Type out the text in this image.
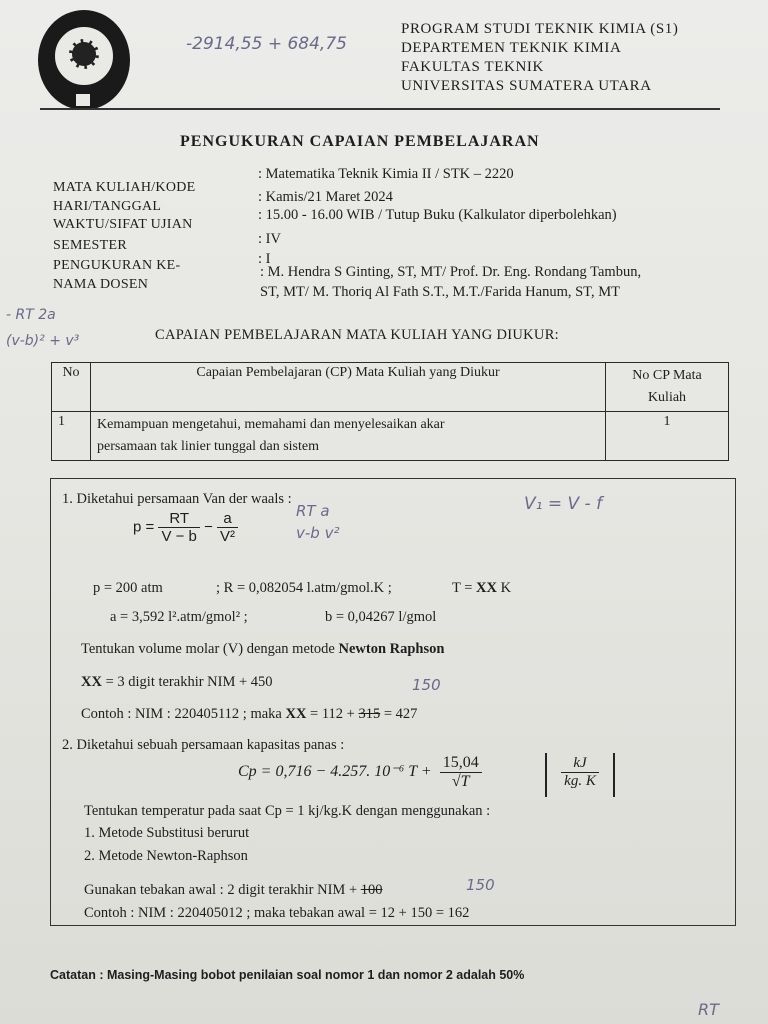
-2914,55 + 684,75
PROGRAM STUDI TEKNIK KIMIA (S1)
DEPARTEMEN TEKNIK KIMIA
FAKULTAS TEKNIK
UNIVERSITAS SUMATERA UTARA
PENGUKURAN CAPAIAN PEMBELAJARAN
MATA KULIAH/KODE
: Matematika Teknik Kimia II / STK – 2220
HARI/TANGGAL
: Kamis/21 Maret 2024
WAKTU/SIFAT UJIAN
: 15.00 - 16.00 WIB / Tutup Buku (Kalkulator diperbolehkan)
SEMESTER	: IV
PENGUKURAN KE-	: I
NAMA DOSEN
: M. Hendra S Ginting, ST, MT/ Prof. Dr. Eng. Rondang Tambun,
ST, MT/ M. Thoriq Al Fath S.T., M.T./Farida Hanum, ST, MT
- RT 2a
(v-b)² + v³	CAPAIAN PEMBELAJARAN MATA KULIAH YANG DIUKUR:
No	Capaian Pembelajaran (CP) Mata Kuliah yang Diukur	No CP Mata
Kuliah
1	Kemampuan mengetahui, memahami dan menyelesaikan akar
persamaan tak linier tunggal dan sistem	1
1. Diketahui persamaan Van der waals :
$p = \frac{RT}{V - b} - \frac{a}{\text{V²}}$	RT a
v-b v²
V₁ = V - f
p = 200 atm	; R = 0,082054 l.atm/gmol.K ;	T = XX K
a = 3,592 l².atm/gmol² ;	b = 0,04267 l/gmol
Tentukan volume molar (V) dengan metode Newton Raphson
XX = 3 digit terakhir NIM + 450	150
Contoh : NIM : 220405112 ; maka XX = 112 + 315 = 427
2. Diketahui sebuah persamaan kapasitas panas :
Cp = 0,716 − 4.257. 10⁻⁶ $T + \frac{15,04}{√T}$	$\frac{kJ}{kg. K}$
Tentukan temperatur pada saat Cp = 1 kj/kg.K dengan menggunakan :
1. Metode Substitusi berurut
2. Metode Newton-Raphson
Gunakan tebakan awal : 2 digit terakhir NIM + 100	150
Contoh : NIM : 220405012 ; maka tebakan awal = 12 + 150 = 162
Catatan : Masing-Masing bobot penilaian soal nomor 1 dan nomor 2 adalah 50%
RT
